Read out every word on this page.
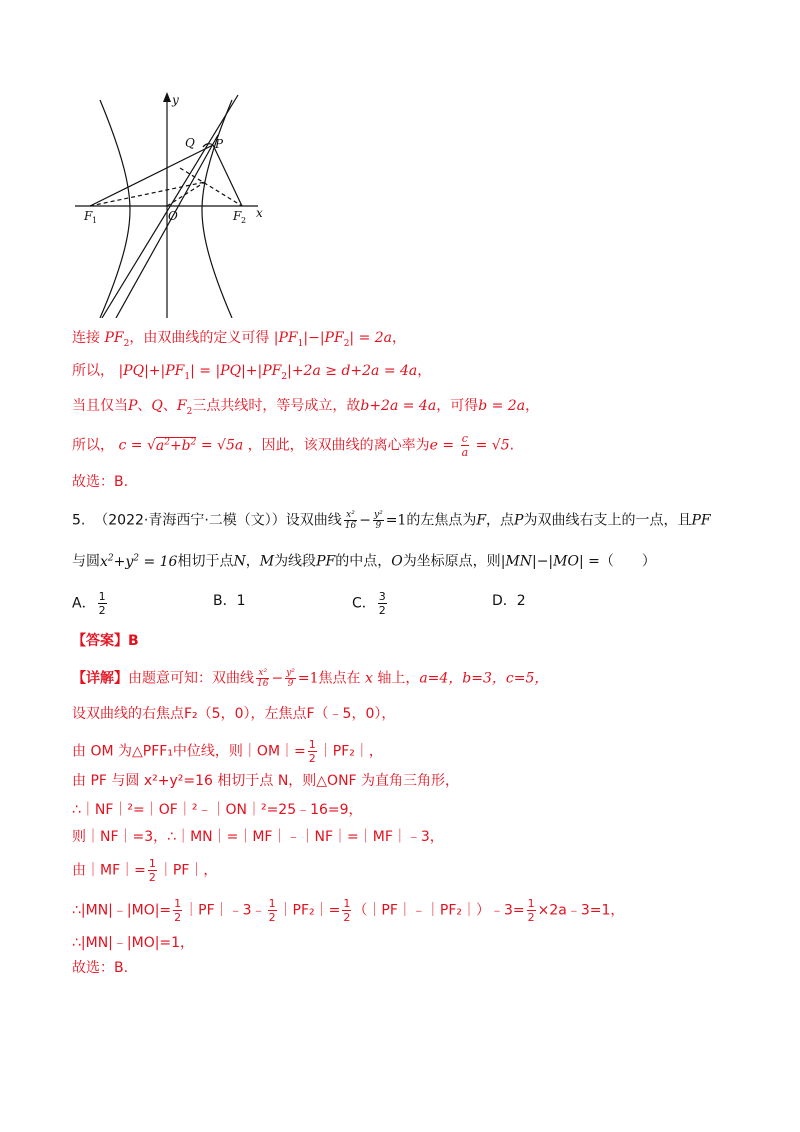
y
x
Q P
F 1	O	F 2
连接 $PF_2$，由双曲线的定义可得 $|PF_1|-|PF_2| = 2a$，
所以， $|PQ|+|PF_1| = |PQ|+|PF_2|+2a \ge d+2a = 4a$，
当且仅当P、Q、$F_2$三点共线时，等号成立，故b+2a = 4a，可得b = 2a，
所以， $c = √a^2+b^2 = √5a$ ，因此，该双曲线的离心率为$e = \frac{c}{a} = √5$.
故选：B.
5. （2022·青海西宁·二模（文））设双曲线 $\frac{\text{x²}}{16} - \frac{\text{y²}}{9} =1$的左焦点为F，点P为双曲线右支上的一点，且PF
与圆$x^2+y^2 = 16$相切于点N，M为线段PF的中点，O为坐标原点，则|MN|−|MO| =（　　）
A． $\frac{1}{2}$	B．1	C． $\frac{3}{2}$	D．2
【答案】B
【详解】由题意可知：双曲线 $\frac{\text{x²}}{16} - \frac{\text{y²}}{9} =1$焦点在 x 轴上，a=4，b=3，c=5，
设双曲线的右焦点F₂（5，0），左焦点F（﹣5，0），
由 OM 为△PFF₁中位线，则｜OM｜= $\frac{1}{2}$ ｜PF₂｜，
由 PF 与圆 x²+y²=16 相切于点 N，则△ONF 为直角三角形，
∴｜NF｜²=｜OF｜²﹣｜ON｜²=25﹣16=9，
则｜NF｜=3，∴｜MN｜=｜MF｜﹣｜NF｜=｜MF｜﹣3，
由｜MF｜= $\frac{1}{2}$ ｜PF｜，
∴|MN|﹣|MO|= $\frac{1}{2}$ ｜PF｜﹣3﹣ $\frac{1}{2}$ ｜PF₂｜= $\frac{1}{2}$ （｜PF｜﹣｜PF₂｜）﹣3= $\frac{1}{2}$ ×2a﹣3=1，
∴|MN|﹣|MO|=1，
故选：B.
